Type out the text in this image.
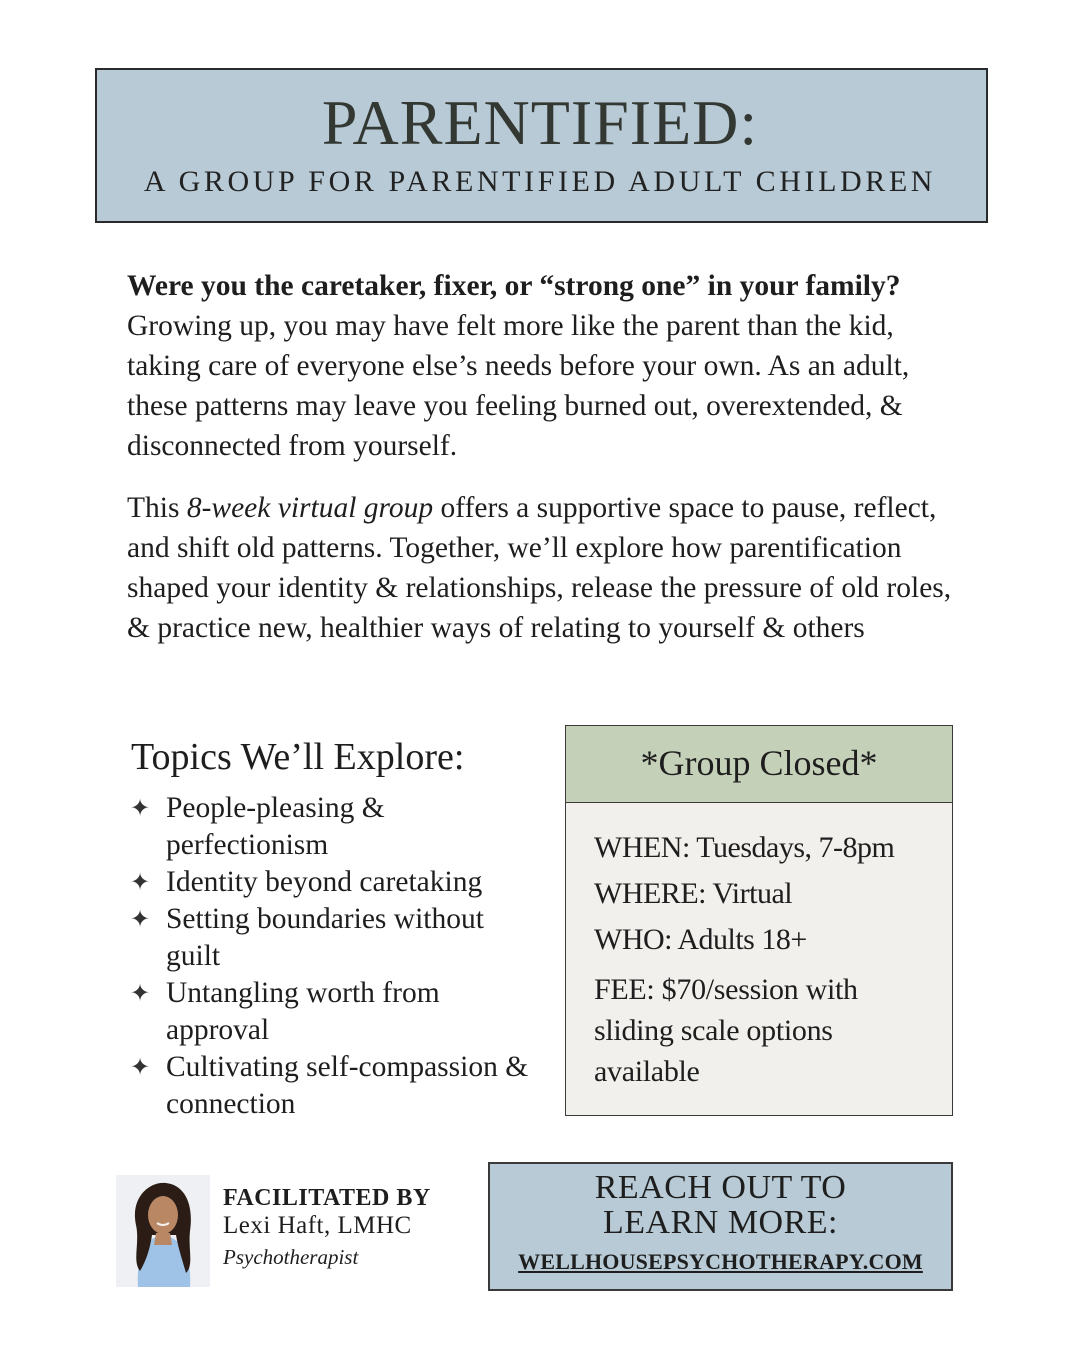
PARENTIFIED:
A GROUP FOR PARENTIFIED ADULT CHILDREN

Were you the caretaker, fixer, or “strong one” in your family? Growing up, you may have felt more like the parent than the kid, taking care of everyone else’s needs before your own. As an adult, these patterns may leave you feeling burned out, overextended, & disconnected from yourself.

This 8-week virtual group offers a supportive space to pause, reflect, and shift old patterns. Together, we’ll explore how parentification shaped your identity & relationships, release the pressure of old roles, & practice new, healthier ways of relating to yourself & others

Topics We’ll Explore:
✦ People-pleasing & perfectionism
✦ Identity beyond caretaking
✦ Setting boundaries without guilt
✦ Untangling worth from approval
✦ Cultivating self-compassion & connection
*Group Closed*
WHEN: Tuesdays, 7-8pm
WHERE: Virtual
WHO: Adults 18+
FEE: $70/session with sliding scale options available
FACILITATED BY
Lexi Haft, LMHC
Psychotherapist
REACH OUT TO
LEARN MORE:
WELLHOUSEPSYCHOTHERAPY.COM
